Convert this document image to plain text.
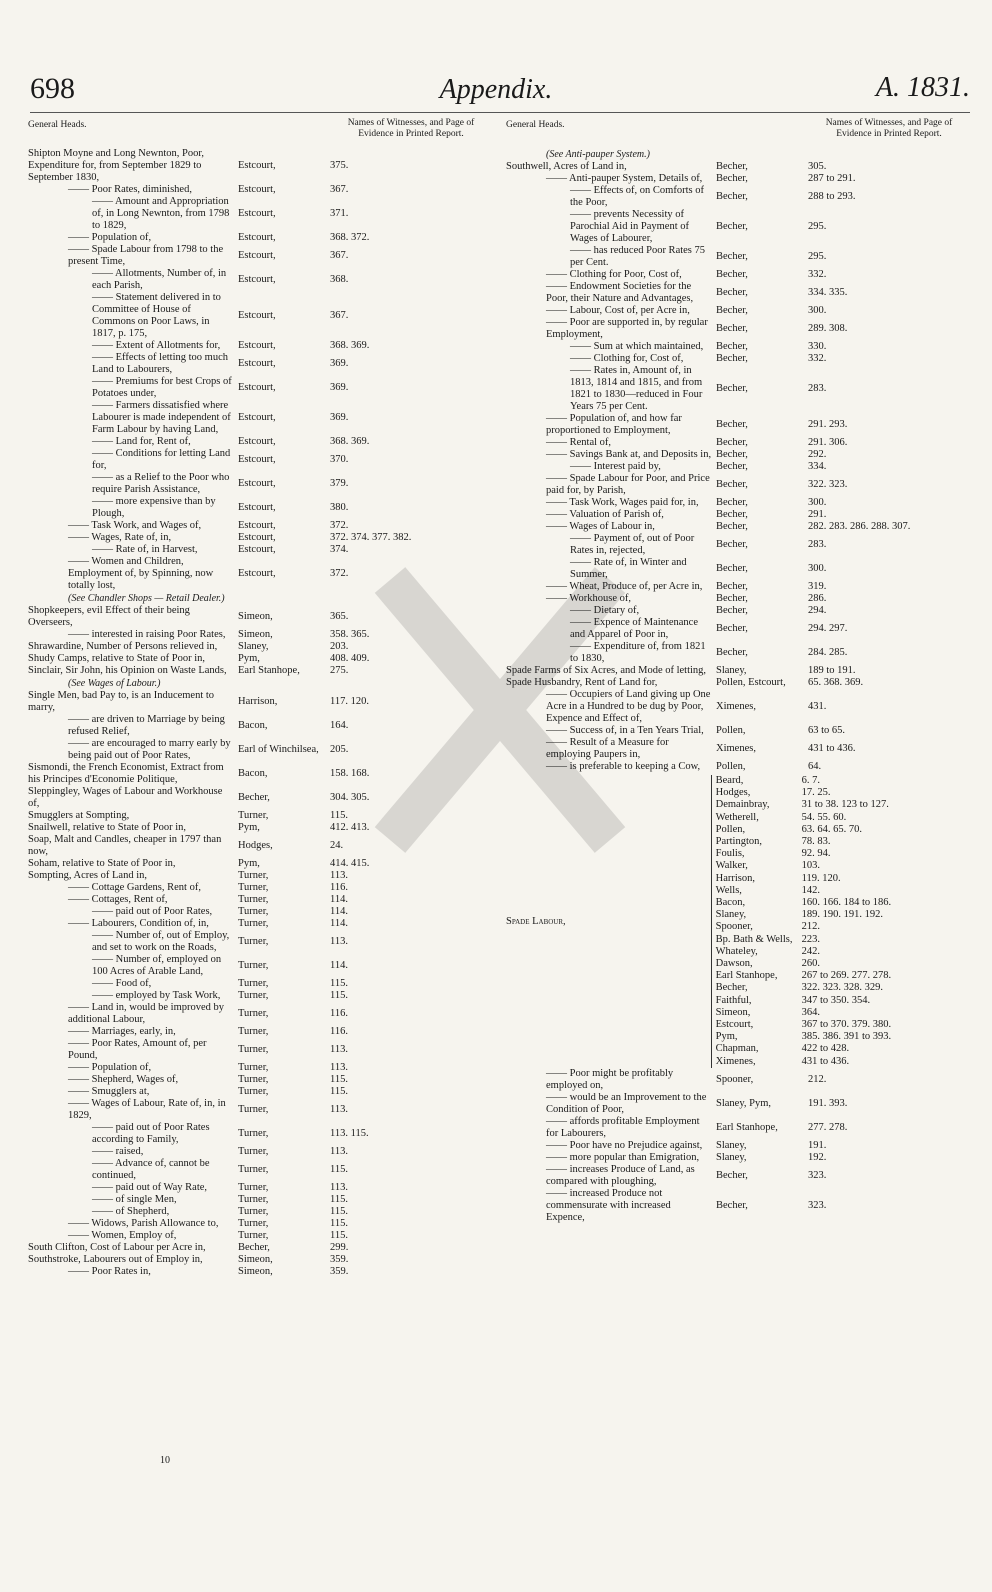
698	Appendix.	A. 1831.
General Heads.	Names of Witnesses, and Page of Evidence in Printed Report.
Shipton Moyne and Long Newnton, Poor, Expenditure for, from September 1829 to September 1830,
Estcourt,	375.
—— Poor Rates, diminished,	Estcourt,	367.
—— Amount and Appropriation of, in Long Newnton, from 1798 to 1829,
Estcourt,	371.
—— Population of,	Estcourt,	368. 372.
—— Spade Labour from 1798 to the present Time,
Estcourt,	367.
—— Allotments, Number of, in each Parish,
Estcourt,	368.
—— Statement delivered in to Committee of House of Commons on Poor Laws, in 1817, p. 175,
Estcourt,	367.
—— Extent of Allotments for,	Estcourt,	368. 369.
—— Effects of letting too much Land to Labourers,
Estcourt,	369.
—— Premiums for best Crops of Potatoes under,
Estcourt,	369.
—— Farmers dissatisfied where Labourer is made independent of Farm Labour by having Land,
Estcourt,	369.
—— Land for, Rent of,	Estcourt,	368. 369.
—— Conditions for letting Land for,
Estcourt,	370.
—— as a Relief to the Poor who require Parish Assistance,
Estcourt,	379.
—— more expensive than by Plough,
Estcourt,	380.
—— Task Work, and Wages of,	Estcourt,	372.
—— Wages, Rate of, in,	Estcourt,	372. 374. 377. 382.
—— Rate of, in Harvest,	Estcourt,	374.
—— Women and Children, Employment of, by Spinning, now totally lost,
Estcourt,	372.
(See Chandler Shops — Retail Dealer.)
Shopkeepers, evil Effect of their being Overseers,
Simeon,	365.
—— interested in raising Poor Rates,	Simeon,	358. 365.
Shrawardine, Number of Persons relieved in,	Slaney,	203.
Shudy Camps, relative to State of Poor in,	Pym,	408. 409.
Sinclair, Sir John, his Opinion on Waste Lands,	Earl Stanhope,	275.
(See Wages of Labour.)
Single Men, bad Pay to, is an Inducement to marry,
Harrison,	117. 120.
—— are driven to Marriage by being refused Relief,
Bacon,	164.
—— are encouraged to marry early by being paid out of Poor Rates,
Earl of Winchilsea,	205.
Sismondi, the French Economist, Extract from his Principes d'Economie Politique,
Bacon,	158. 168.
Sleppingley, Wages of Labour and Workhouse of,
Becher,	304. 305.
Smugglers at Sompting,	Turner,	115.
Snailwell, relative to State of Poor in,	Pym,	412. 413.
Soap, Malt and Candles, cheaper in 1797 than now,
Hodges,	24.
Soham, relative to State of Poor in,	Pym,	414. 415.
Sompting, Acres of Land in,	Turner,	113.
—— Cottage Gardens, Rent of,	Turner,	116.
—— Cottages, Rent of,	Turner,	114.
—— paid out of Poor Rates,	Turner,	114.
—— Labourers, Condition of, in,	Turner,	114.
—— Number of, out of Employ, and set to work on the Roads,
Turner,	113.
—— Number of, employed on 100 Acres of Arable Land,
Turner,	114.
—— Food of,	Turner,	115.
—— employed by Task Work,	Turner,	115.
—— Land in, would be improved by additional Labour,
Turner,	116.
—— Marriages, early, in,	Turner,	116.
—— Poor Rates, Amount of, per Pound,
Turner,	113.
—— Population of,	Turner,	113.
—— Shepherd, Wages of,	Turner,	115.
—— Smugglers at,	Turner,	115.
—— Wages of Labour, Rate of, in, in 1829,
Turner,	113.
—— paid out of Poor Rates according to Family,
Turner,	113. 115.
—— raised,	Turner,	113.
—— Advance of, cannot be continued,
Turner,	115.
—— paid out of Way Rate,	Turner,	113.
—— of single Men,	Turner,	115.
—— of Shepherd,	Turner,	115.
—— Widows, Parish Allowance to,	Turner,	115.
—— Women, Employ of,	Turner,	115.
South Clifton, Cost of Labour per Acre in,	Becher,	299.
Southstroke, Labourers out of Employ in,	Simeon,	359.
—— Poor Rates in,	Simeon,	359.
General Heads.	Names of Witnesses, and Page of Evidence in Printed Report.
(See Anti-pauper System.)
Southwell, Acres of Land in,	Becher,	305.
—— Anti-pauper System, Details of,	Becher,	287 to 291.
—— Effects of, on Comforts of the Poor,
Becher,	288 to 293.
—— prevents Necessity of Parochial Aid in Payment of Wages of Labourer,
Becher,	295.
—— has reduced Poor Rates 75 per Cent.
Becher,	295.
—— Clothing for Poor, Cost of,	Becher,	332.
—— Endowment Societies for the Poor, their Nature and Advantages,
Becher,	334. 335.
—— Labour, Cost of, per Acre in,	Becher,	300.
—— Poor are supported in, by regular Employment,
Becher,	289. 308.
—— Sum at which maintained,	Becher,	330.
—— Clothing for, Cost of,	Becher,	332.
—— Rates in, Amount of, in 1813, 1814 and 1815, and from 1821 to 1830—reduced in Four Years 75 per Cent.
Becher,	283.
—— Population of, and how far proportioned to Employment,
Becher,	291. 293.
—— Rental of,	Becher,	291. 306.
—— Savings Bank at, and Deposits in, Becher,	292.
—— Interest paid by,	Becher,	334.
—— Spade Labour for Poor, and Price paid for, by Parish,
Becher,	322. 323.
—— Task Work, Wages paid for, in,	Becher,	300.
—— Valuation of Parish of,	Becher,	291.
—— Wages of Labour in,	Becher,	282. 283. 286. 288. 307.
—— Payment of, out of Poor Rates in, rejected,
Becher,	283.
—— Rate of, in Winter and Summer,
Becher,	300.
—— Wheat, Produce of, per Acre in,	Becher,	319.
—— Workhouse of,	Becher,	286.
—— Dietary of,	Becher,	294.
—— Expence of Maintenance and Apparel of Poor in,
Becher,	294. 297.
—— Expenditure of, from 1821 to 1830,
Becher,	284. 285.
Spade Farms of Six Acres, and Mode of letting, Slaney,	189 to 191.
Spade Husbandry, Rent of Land for,	Pollen, Estcourt,	65. 368. 369.
—— Occupiers of Land giving up One Acre in a Hundred to be dug by Poor, Expence and Effect of,
Ximenes,	431.
—— Success of, in a Ten Years Trial,	Pollen,	63 to 65.
—— Result of a Measure for employing Paupers in,
Ximenes,	431 to 436.
—— is preferable to keeping a Cow,	Pollen,	64.
Spade Labour,
Beard,	6. 7.
Hodges,	17. 25.
Demainbray,	31 to 38. 123 to 127.
Wetherell,	54. 55. 60.
Pollen,	63. 64. 65. 70.
Partington,	78. 83.
Foulis,	92. 94.
Walker,	103.
Harrison,	119. 120.
Wells,	142.
Bacon,	160. 166. 184 to 186.
Slaney,	189. 190. 191. 192.
Spooner,	212.
Bp. Bath & Wells, 223.
Whateley,	242.
Dawson,	260.
Earl Stanhope,	267 to 269. 277. 278.
Becher,	322. 323. 328. 329.
Faithful,	347 to 350. 354.
Simeon,	364.
Estcourt,	367 to 370. 379. 380.
Pym,	385. 386. 391 to 393.
Chapman,	422 to 428.
Ximenes,	431 to 436.
—— Poor might be profitably employed on,
Spooner,	212.
—— would be an Improvement to the Condition of Poor,
Slaney, Pym,	191. 393.
—— affords profitable Employment for Labourers,
Earl Stanhope,	277. 278.
—— Poor have no Prejudice against,	Slaney,	191.
—— more popular than Emigration,	Slaney,	192.
—— increases Produce of Land, as compared with ploughing,
Becher,	323.
—— increased Produce not commensurate with increased Expence,
Becher,	323.
10
